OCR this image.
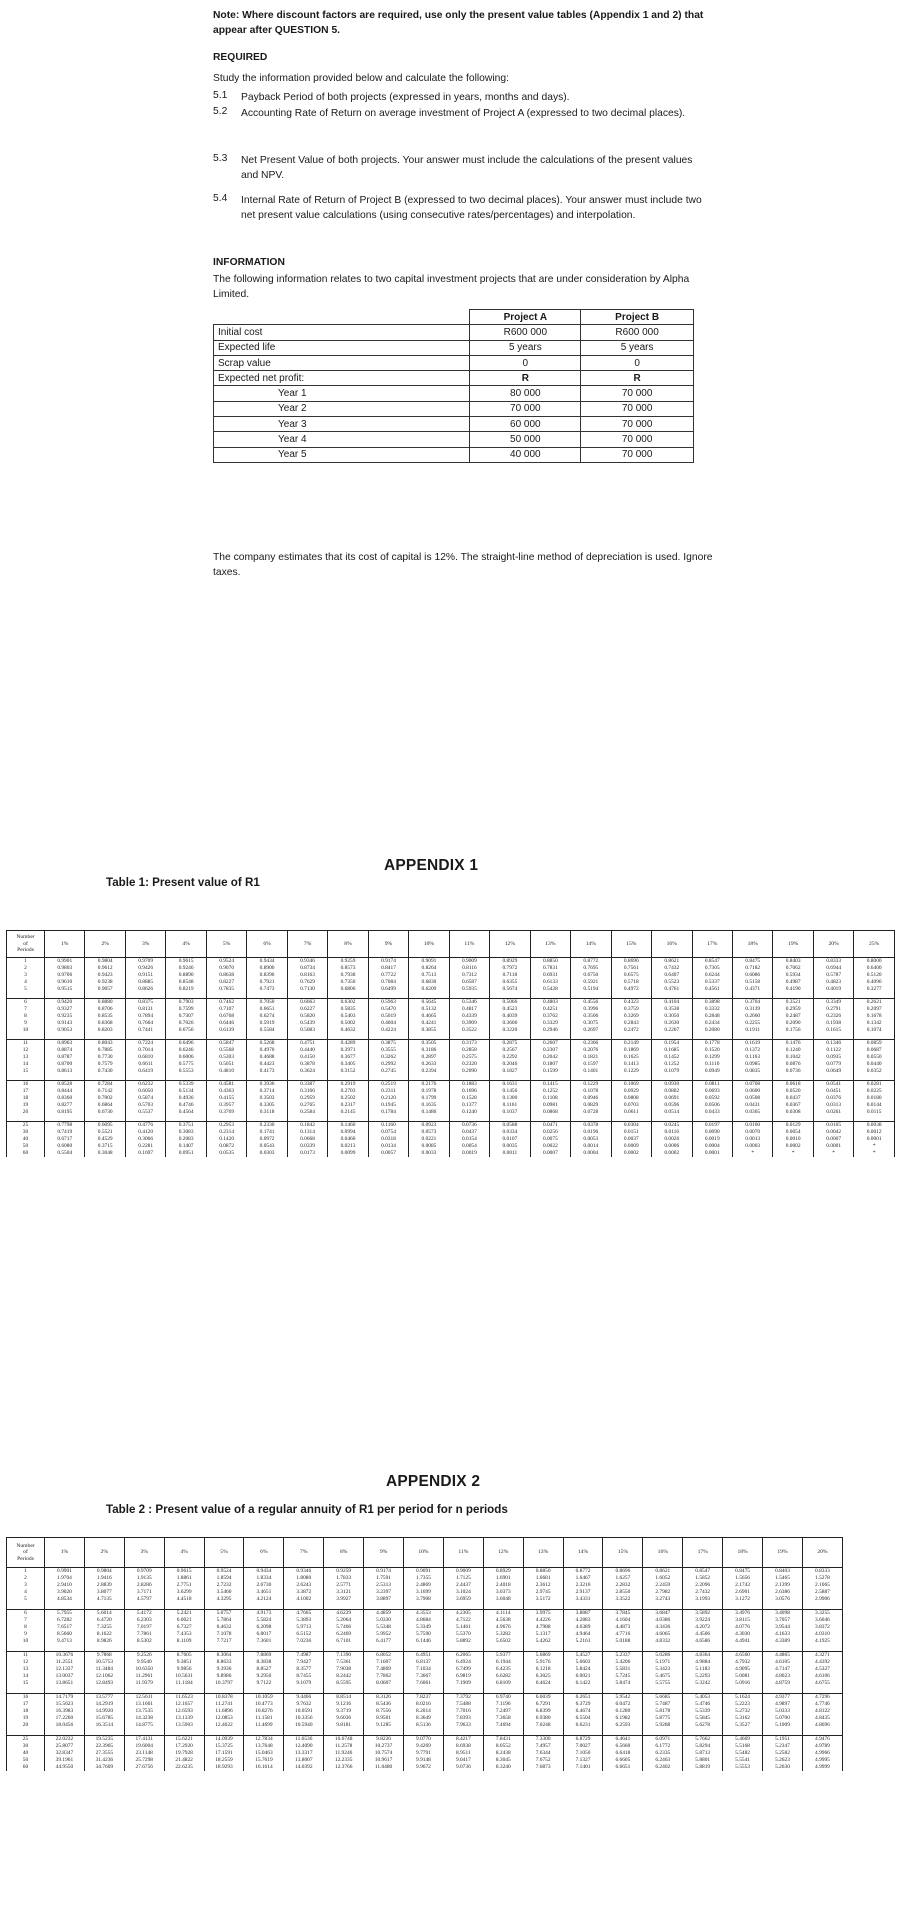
Note: Where discount factors are required, use only the present value tables (Appendix 1 and 2) that appear after QUESTION 5.
REQUIRED
Study the information provided below and calculate the following:
5.1 Payback Period of both projects (expressed in years, months and days).
5.2 Accounting Rate of Return on average investment of Project A (expressed to two decimal places).
5.3 Net Present Value of both projects. Your answer must include the calculations of the present values and NPV.
5.4 Internal Rate of Return of Project B (expressed to two decimal places). Your answer must include two net present value calculations (using consecutive rates/percentages) and interpolation.
INFORMATION
The following information relates to two capital investment projects that are under consideration by Alpha Limited.
	Project A	Project B
Initial cost	R600 000	R600 000
Expected life	5 years	5 years
Scrap value	0	0
Expected net profit:	R	R
Year 1	80 000	70 000
Year 2	70 000	70 000
Year 3	60 000	70 000
Year 4	50 000	70 000
Year 5	40 000	70 000
The company estimates that its cost of capital is 12%. The straight-line method of depreciation is used. Ignore taxes.
APPENDIX 1
Table 1: Present value of R1
Number
of
Periods	1%	2%	3%	4%	5%	6%	7%	8%	9%	10%	11%	12%	13%	14%	15%	16%	17%	18%	19%	20%	25%
1	0.9901	0.9804	0.9709	0.9615	0.9524	0.9434	0.9346	0.9259	0.9174	0.9091	0.9009	0.8929	0.8850	0.8772	0.8696	0.8621	0.8547	0.8475	0.8403	0.8333	0.8000
2	0.9803	0.9612	0.9426	0.9246	0.9070	0.8900	0.8734	0.8573	0.8417	0.8264	0.8116	0.7972	0.7831	0.7695	0.7561	0.7432	0.7305	0.7182	0.7062	0.6944	0.6400
3	0.9706	0.9423	0.9151	0.8890	0.8638	0.8396	0.8163	0.7938	0.7722	0.7513	0.7312	0.7118	0.6931	0.6750	0.6575	0.6407	0.6244	0.6086	0.5934	0.5787	0.5120
4	0.9610	0.9238	0.8885	0.8548	0.8227	0.7921	0.7629	0.7350	0.7084	0.6830	0.6587	0.6355	0.6133	0.5921	0.5718	0.5523	0.5337	0.5158	0.4987	0.4823	0.4096
5	0.9515	0.9057	0.8626	0.8219	0.7835	0.7473	0.7130	0.6806	0.6499	0.6209	0.5935	0.5674	0.5428	0.5194	0.4972	0.4761	0.4561	0.4371	0.4190	0.4019	0.3277

6	0.9420	0.8880	0.8375	0.7903	0.7462	0.7050	0.6663	0.6302	0.5963	0.5645	0.5346	0.5066	0.4803	0.4556	0.4323	0.4104	0.3898	0.3704	0.3521	0.3349	0.2621
7	0.9327	0.8706	0.8131	0.7599	0.7107	0.6651	0.6227	0.5835	0.5470	0.5132	0.4817	0.4523	0.4251	0.3996	0.3759	0.3538	0.3332	0.3139	0.2959	0.2791	0.2097
8	0.9235	0.8535	0.7894	0.7307	0.6768	0.6274	0.5820	0.5403	0.5019	0.4665	0.4339	0.4039	0.3762	0.3506	0.3269	0.3050	0.2848	0.2660	0.2487	0.2326	0.1678
9	0.9143	0.8368	0.7664	0.7026	0.6446	0.5919	0.5439	0.5002	0.4604	0.4241	0.3909	0.3606	0.3329	0.3075	0.2843	0.2630	0.2434	0.2255	0.2090	0.1938	0.1342
10	0.9053	0.8203	0.7441	0.6756	0.6139	0.5584	0.5083	0.4632	0.4224	0.3855	0.3522	0.3220	0.2946	0.2697	0.2472	0.2267	0.2080	0.1911	0.1756	0.1615	0.1074

11	0.8963	0.8043	0.7224	0.6496	0.5847	0.5268	0.4751	0.4289	0.3875	0.3505	0.3173	0.2875	0.2607	0.2366	0.2149	0.1954	0.1778	0.1619	0.1476	0.1346	0.0859
12	0.8874	0.7885	0.7014	0.6246	0.5568	0.4970	0.4440	0.3971	0.3555	0.3186	0.2858	0.2567	0.2307	0.2076	0.1869	0.1685	0.1520	0.1372	0.1240	0.1122	0.0687
13	0.8787	0.7730	0.6810	0.6006	0.5303	0.4688	0.4150	0.3677	0.3262	0.2897	0.2575	0.2292	0.2042	0.1821	0.1625	0.1452	0.1299	0.1163	0.1042	0.0935	0.0550
14	0.8700	0.7579	0.6611	0.5775	0.5051	0.4423	0.3878	0.3405	0.2992	0.2633	0.2320	0.2046	0.1807	0.1597	0.1413	0.1252	0.1110	0.0985	0.0876	0.0779	0.0440
15	0.8613	0.7430	0.6419	0.5553	0.4810	0.4173	0.3624	0.3152	0.2745	0.2394	0.2090	0.1827	0.1599	0.1401	0.1229	0.1079	0.0949	0.0835	0.0736	0.0649	0.0352

16	0.8528	0.7284	0.6232	0.5339	0.4581	0.3936	0.3387	0.2919	0.2519	0.2176	0.1883	0.1631	0.1415	0.1229	0.1069	0.0930	0.0811	0.0708	0.0618	0.0541	0.0281
17	0.8444	0.7142	0.6050	0.5134	0.4363	0.3714	0.3166	0.2703	0.2311	0.1978	0.1696	0.1456	0.1252	0.1078	0.0929	0.0802	0.0693	0.0600	0.0520	0.0451	0.0225
18	0.8360	0.7002	0.5874	0.4936	0.4155	0.3503	0.2959	0.2502	0.2120	0.1799	0.1528	0.1300	0.1108	0.0946	0.0808	0.0691	0.0592	0.0508	0.0437	0.0376	0.0180
19	0.8277	0.6864	0.5703	0.4746	0.3957	0.3305	0.2765	0.2317	0.1945	0.1635	0.1377	0.1161	0.0981	0.0829	0.0703	0.0596	0.0506	0.0431	0.0367	0.0313	0.0144
20	0.8195	0.6730	0.5537	0.4564	0.3769	0.3118	0.2584	0.2145	0.1784	0.1486	0.1240	0.1037	0.0868	0.0728	0.0611	0.0514	0.0433	0.0365	0.0308	0.0261	0.0115

25	0.7798	0.6095	0.4776	0.3751	0.2953	0.2330	0.1842	0.1460	0.1160	0.0923	0.0736	0.0588	0.0471	0.0378	0.0304	0.0245	0.0197	0.0160	0.0129	0.0105	0.0038
30	0.7419	0.5521	0.4120	0.3083	0.2314	0.1741	0.1314	0.0994	0.0754	0.0573	0.0437	0.0334	0.0256	0.0196	0.0151	0.0116	0.0090	0.0070	0.0054	0.0042	0.0012
40	0.6717	0.4529	0.3066	0.2083	0.1420	0.0972	0.0668	0.0460	0.0318	0.0221	0.0154	0.0107	0.0075	0.0053	0.0037	0.0026	0.0019	0.0013	0.0010	0.0007	0.0001
50	0.6080	0.3715	0.2281	0.1407	0.0872	0.0543	0.0339	0.0213	0.0134	0.0085	0.0054	0.0035	0.0022	0.0014	0.0009	0.0006	0.0004	0.0003	0.0002	0.0001	*
60	0.5504	0.3048	0.1697	0.0951	0.0535	0.0303	0.0173	0.0099	0.0057	0.0033	0.0019	0.0011	0.0007	0.0004	0.0002	0.0002	0.0001	*	*	*	*
APPENDIX 2
Table 2 : Present value of a regular annuity of R1 per period for n periods
Number
of
Periods	1%	2%	3%	4%	5%	6%	7%	8%	9%	10%	11%	12%	13%	14%	15%	16%	17%	18%	19%	20%
1	0.9901	0.9804	0.9709	0.9615	0.9524	0.9434	0.9346	0.9259	0.9174	0.9091	0.9009	0.8929	0.8850	0.8772	0.8696	0.8621	0.8547	0.8475	0.8403	0.8333
2	1.9704	1.9416	1.9135	1.8861	1.8594	1.8334	1.8080	1.7833	1.7591	1.7355	1.7125	1.6901	1.6681	1.6467	1.6257	1.6052	1.5852	1.5656	1.5465	1.5278
3	2.9410	2.8839	2.8286	2.7751	2.7232	2.6730	2.6243	2.5771	2.5313	2.4869	2.4437	2.4018	2.3612	2.3216	2.2832	2.2459	2.2096	2.1743	2.1399	2.1065
4	3.9020	3.8077	3.7171	3.6299	3.5460	3.4651	3.3872	3.3121	3.2397	3.1699	3.1024	3.0373	2.9745	2.9137	2.8550	2.7982	2.7432	2.6901	2.6386	2.5887
5	4.8534	4.7135	4.5797	4.4518	4.3295	4.2124	4.1002	3.9927	3.8897	3.7908	3.6959	3.6048	3.5172	3.4331	3.3522	3.2743	3.1993	3.1272	3.0576	2.9906

6	5.7955	5.6014	5.4172	5.2421	5.0757	4.9173	4.7665	4.6229	4.4859	4.3553	4.2305	4.1114	3.9975	3.8887	3.7845	3.6847	3.5892	3.4976	3.4098	3.3255
7	6.7282	6.4720	6.2303	6.0021	5.7864	5.5824	5.3893	5.2064	5.0330	4.8684	4.7122	4.5638	4.4226	4.2883	4.1604	4.0386	3.9224	3.8115	3.7057	3.6046
8	7.6517	7.3255	7.0197	6.7327	6.4632	6.2098	5.9713	5.7466	5.5348	5.3349	5.1461	4.9676	4.7988	4.6389	4.4873	4.3436	4.2072	4.0776	3.9544	3.8372
9	8.5660	8.1622	7.7861	7.4353	7.1078	6.8017	6.5152	6.2469	5.9952	5.7590	5.5370	5.3282	5.1317	4.9464	4.7716	4.6065	4.4506	4.3030	4.1633	4.0310
10	9.4713	8.9826	8.5302	8.1109	7.7217	7.3601	7.0236	6.7101	6.4177	6.1446	5.8892	5.6502	5.4262	5.2161	5.0188	4.8332	4.6586	4.4941	4.3389	4.1925

11	10.3676	9.7868	9.2526	8.7605	8.3064	7.8869	7.4987	7.1390	6.8052	6.4951	6.2065	5.9377	5.6869	5.4527	5.2337	5.0286	4.8364	4.6560	4.4865	4.3271
12	11.2551	10.5753	9.9540	9.3851	8.8633	8.3838	7.9427	7.5361	7.1607	6.8137	6.4924	6.1944	5.9176	5.6603	5.4206	5.1971	4.9884	4.7932	4.6105	4.4392
13	12.1337	11.3484	10.6350	9.9856	9.3936	8.8527	8.3577	7.9038	7.4869	7.1034	6.7499	6.4235	6.1218	5.8424	5.5831	5.3423	5.1183	4.9095	4.7147	4.5327
14	13.0037	12.1062	11.2961	10.5631	9.8986	9.2950	8.7455	8.2442	7.7862	7.3667	6.9819	6.6282	6.3025	6.0021	5.7245	5.4675	5.2293	5.0081	4.8023	4.6106
15	13.8651	12.8493	11.9379	11.1184	10.3797	9.7122	9.1079	8.5595	8.0607	7.6061	7.1909	6.8109	6.4624	6.1422	5.8474	5.5755	5.3242	5.0916	4.8759	4.6755

16	14.7179	13.5777	12.5611	11.6523	10.8378	10.1059	9.4466	8.8514	8.3126	7.8237	7.3792	6.9740	6.6039	6.2651	5.9542	5.6685	5.4053	5.1624	4.9377	4.7296
17	15.5623	14.2919	13.1661	12.1657	11.2741	10.4773	9.7632	9.1216	8.5436	8.0216	7.5488	7.1196	6.7291	6.3729	6.0472	5.7487	5.4746	5.2223	4.9897	4.7746
18	16.3983	14.9920	13.7535	12.6593	11.6896	10.8276	10.0591	9.3719	8.7556	8.2014	7.7016	7.2497	6.8399	6.4674	6.1280	5.8178	5.5339	5.2732	5.0333	4.8122
19	17.2260	15.6785	14.3238	13.1339	12.0853	11.1581	10.3356	9.6036	8.9501	8.3649	7.8393	7.3658	6.9380	6.5504	6.1982	5.8775	5.5845	5.3162	5.0700	4.8435
20	18.0456	16.3514	14.8775	13.5903	12.4622	11.4699	10.5940	9.8181	9.1285	8.5136	7.9633	7.4694	7.0248	6.6231	6.2593	5.9288	5.6278	5.3527	5.1009	4.8696

25	22.0232	19.5235	17.4131	15.6221	14.0939	12.7834	11.6536	10.6748	9.8226	9.0770	8.4217	7.8431	7.3300	6.8729	6.4641	6.0971	5.7662	5.4669	5.1951	4.9476
30	25.8077	22.3965	19.6004	17.2920	15.3725	13.7648	12.4090	11.2578	10.2737	9.4269	8.6938	8.0552	7.4957	7.0027	6.5660	6.1772	5.8294	5.5168	5.2347	4.9789
40	32.8347	27.3555	23.1148	19.7928	17.1591	15.0463	13.3317	11.9246	10.7574	9.7791	8.9511	8.2438	7.6344	7.1050	6.6418	6.2335	5.8713	5.5482	5.2582	4.9966
50	39.1961	31.4236	25.7298	21.4822	18.2559	15.7619	13.8007	12.2335	10.9617	9.9148	9.0417	8.3045	7.6752	7.1327	6.6605	6.2463	5.8801	5.5541	5.2623	4.9995
60	44.9550	34.7609	27.6756	22.6235	18.9293	16.1614	14.0392	12.3766	11.0480	9.9672	9.0736	8.3240	7.6873	7.1401	6.6651	6.2402	5.8819	5.5553	5.2630	4.9999
